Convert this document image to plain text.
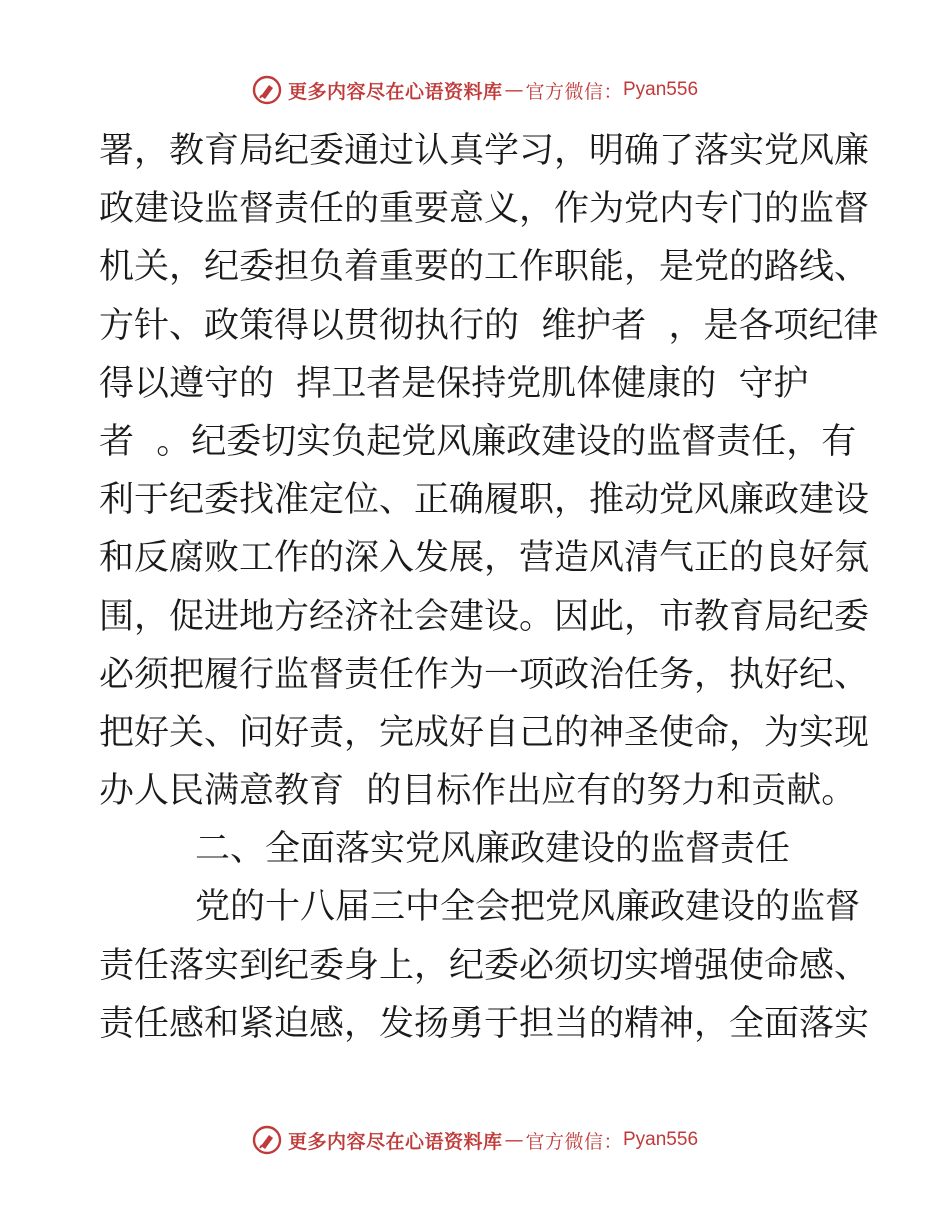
更多内容尽在心语资料库 — 官方微信： Pyan556
署，教育局纪委通过认真学习，明确了落实党风廉
政建设监督责任的重要意义，作为党内专门的监督
机关，纪委担负着重要的工作职能，是党的路线、
方针、政策得以贯彻执行的  维护者  ，是各项纪律
得以遵守的  捍卫者是保持党肌体健康的  守护
者  。纪委切实负起党风廉政建设的监督责任，有
利于纪委找准定位、正确履职，推动党风廉政建设
和反腐败工作的深入发展，营造风清气正的良好氛
围，促进地方经济社会建设。因此，市教育局纪委
必须把履行监督责任作为一项政治任务，执好纪、
把好关、问好责，完成好自己的神圣使命，为实现
办人民满意教育  的目标作出应有的努力和贡献。
二、全面落实党风廉政建设的监督责任
党的十八届三中全会把党风廉政建设的监督
责任落实到纪委身上，纪委必须切实增强使命感、
责任感和紧迫感，发扬勇于担当的精神，全面落实
更多内容尽在心语资料库 — 官方微信： Pyan556
